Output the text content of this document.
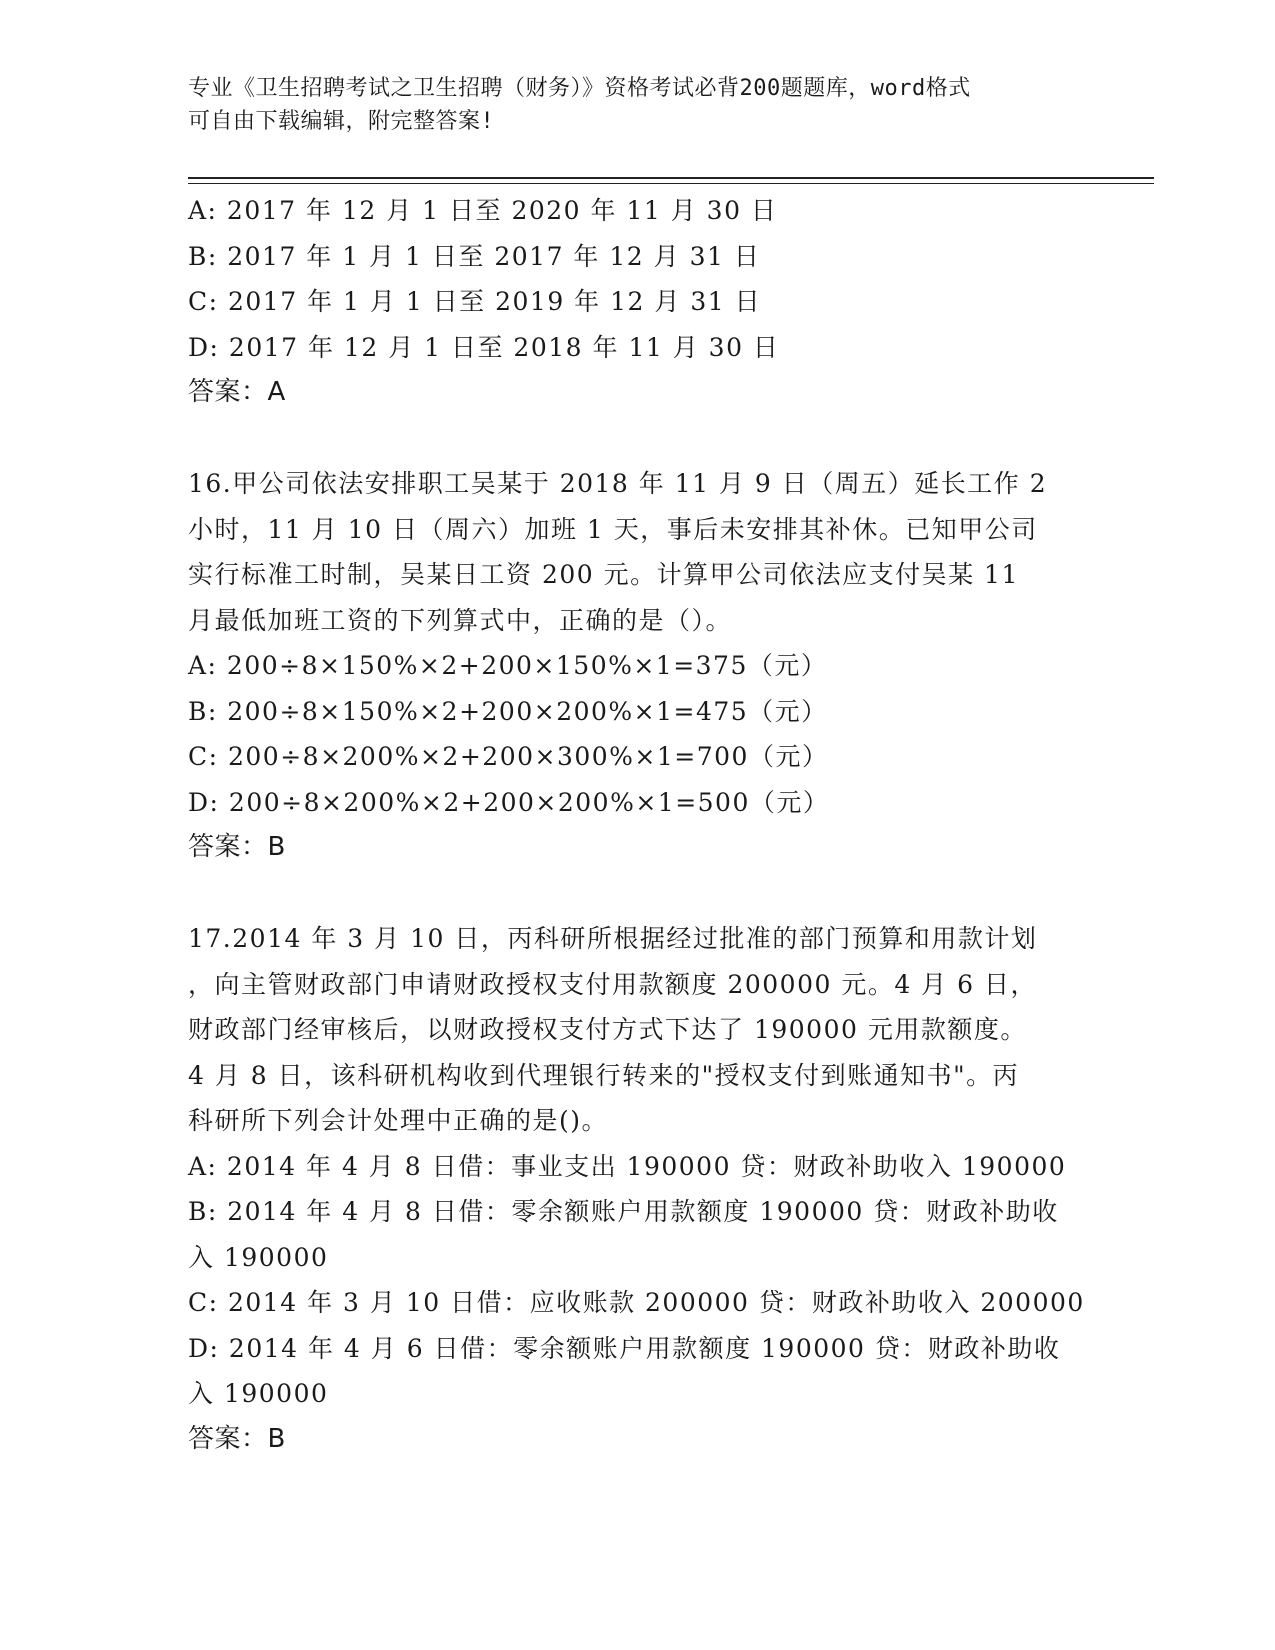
专业《卫生招聘考试之卫生招聘（财务）》资格考试必背200题题库，word格式
可自由下载编辑，附完整答案!
A: 2017 年 12 月 1 日至 2020 年 11 月 30 日
B: 2017 年 1 月 1 日至 2017 年 12 月 31 日
C: 2017 年 1 月 1 日至 2019 年 12 月 31 日
D: 2017 年 12 月 1 日至 2018 年 11 月 30 日
答案：A
16.甲公司依法安排职工吴某于 2018 年 11 月 9 日（周五）延长工作 2
小时，11 月 10 日（周六）加班 1 天，事后未安排其补休。已知甲公司
实行标准工时制，吴某日工资 200 元。计算甲公司依法应支付吴某 11
月最低加班工资的下列算式中，正确的是（）。
A: 200÷8×150%×2+200×150%×1=375（元）
B: 200÷8×150%×2+200×200%×1=475（元）
C: 200÷8×200%×2+200×300%×1=700（元）
D: 200÷8×200%×2+200×200%×1=500（元）
答案：B
17.2014 年 3 月 10 日，丙科研所根据经过批准的部门预算和用款计划
，向主管财政部门申请财政授权支付用款额度 200000 元。4 月 6 日，
财政部门经审核后，以财政授权支付方式下达了 190000 元用款额度。
4 月 8 日，该科研机构收到代理银行转来的"授权支付到账通知书"。丙
科研所下列会计处理中正确的是()。
A: 2014 年 4 月 8 日借：事业支出 190000 贷：财政补助收入 190000
B: 2014 年 4 月 8 日借：零余额账户用款额度 190000 贷：财政补助收
入 190000
C: 2014 年 3 月 10 日借：应收账款 200000 贷：财政补助收入 200000
D: 2014 年 4 月 6 日借：零余额账户用款额度 190000 贷：财政补助收
入 190000
答案：B
